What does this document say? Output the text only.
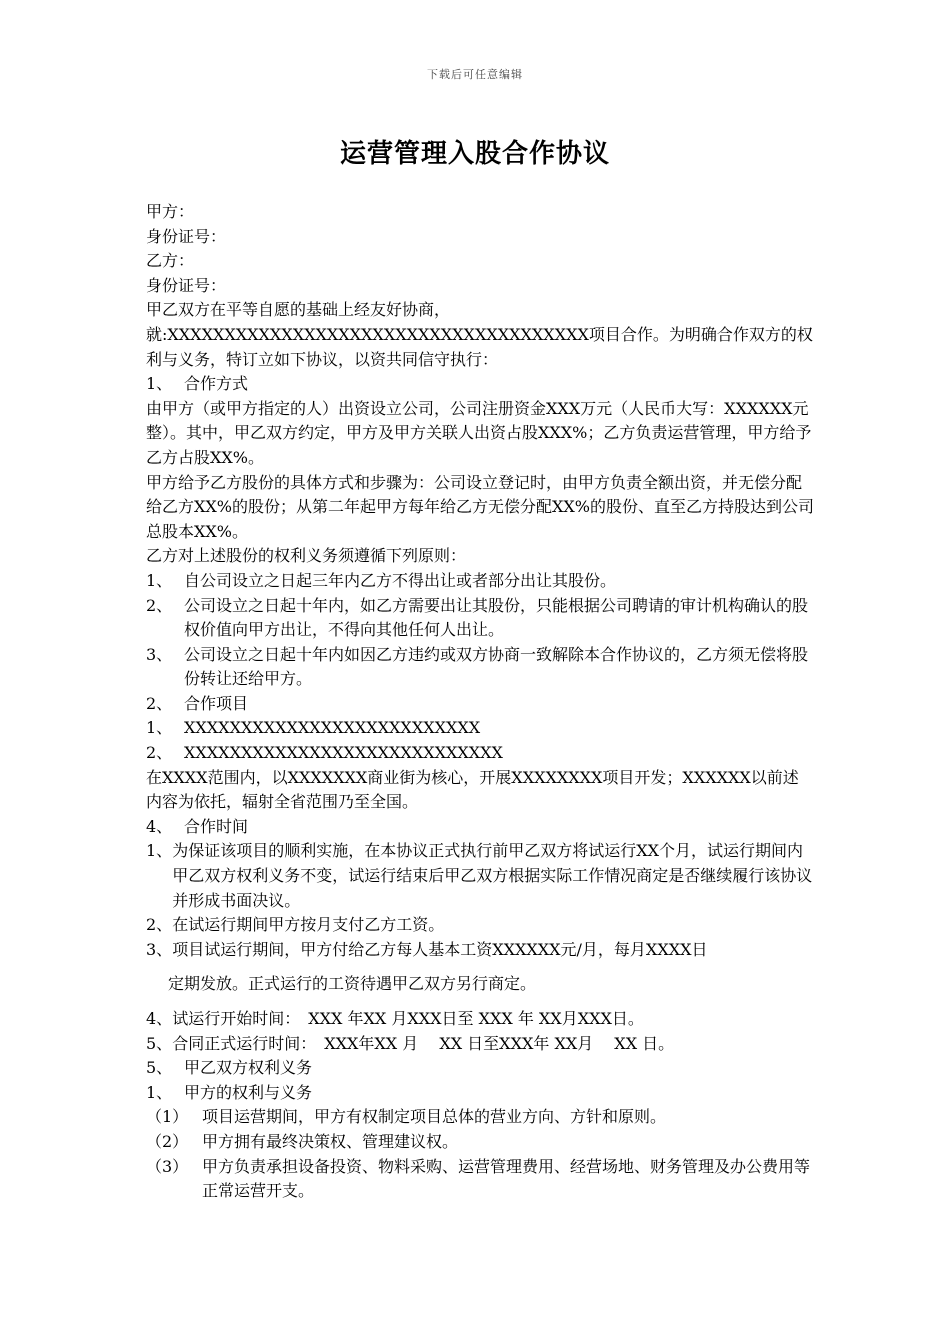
下载后可任意编辑
运营管理入股合作协议

甲方：

身份证号：

乙方：

身份证号：

甲乙双方在平等自愿的基础上经友好协商，就:XXXXXXXXXXXXXXXXXXXXXXXXXXXXXXXXXXXXX项目合作。为明确合作双方的权利与义务，特订立如下协议，以资共同信守执行：

1、 合作方式

由甲方（或甲方指定的人）出资设立公司，公司注册资金XXX万元（人民币大写：XXXXXX元整）。其中，甲乙双方约定，甲方及甲方关联人出资占股XXX%；乙方负责运营管理，甲方给予乙方占股XX%。

甲方给予乙方股份的具体方式和步骤为：公司设立登记时，由甲方负责全额出资，并无偿分配给乙方XX%的股份；从第二年起甲方每年给乙方无偿分配XX%的股份、直至乙方持股达到公司总股本XX%。

乙方对上述股份的权利义务须遵循下列原则：

1、 自公司设立之日起三年内乙方不得出让或者部分出让其股份。
2、 公司设立之日起十年内，如乙方需要出让其股份，只能根据公司聘请的审计机构确认的股权价值向甲方出让，不得向其他任何人出让。
3、 公司设立之日起十年内如因乙方违约或双方协商一致解除本合作协议的，乙方须无偿将股份转让还给甲方。
2、 合作项目
1、 XXXXXXXXXXXXXXXXXXXXXXXXXX
2、 XXXXXXXXXXXXXXXXXXXXXXXXXXXX

在XXXX范围内，以XXXXXXX商业街为核心，开展XXXXXXXX项目开发；XXXXXX以前述内容为依托，辐射全省范围乃至全国。

4、 合作时间
1、 为保证该项目的顺利实施，在本协议正式执行前甲乙双方将试运行XX个月，试运行期间内甲乙双方权利义务不变，试运行结束后甲乙双方根据实际工作情况商定是否继续履行该协议并形成书面决议。
2、 在试运行期间甲方按月支付乙方工资。
3、 项目试运行期间，甲方付给乙方每人基本工资XXXXXX元/月，每月XXXX日

定期发放。正式运行的工资待遇甲乙双方另行商定。

4、 试运行开始时间：　XXX 年XX 月XXX日至 XXX 年 XX月XXX日。
5、 合同正式运行时间：　XXX年XX 月　 XX 日至XXX年 XX月　 XX 日。
5、 甲乙双方权利义务
1、 甲方的权利与义务
（1） 项目运营期间，甲方有权制定项目总体的营业方向、方针和原则。
（2） 甲方拥有最终决策权、管理建议权。
（3） 甲方负责承担设备投资、物料采购、运营管理费用、经营场地、财务管理及办公费用等正常运营开支。
